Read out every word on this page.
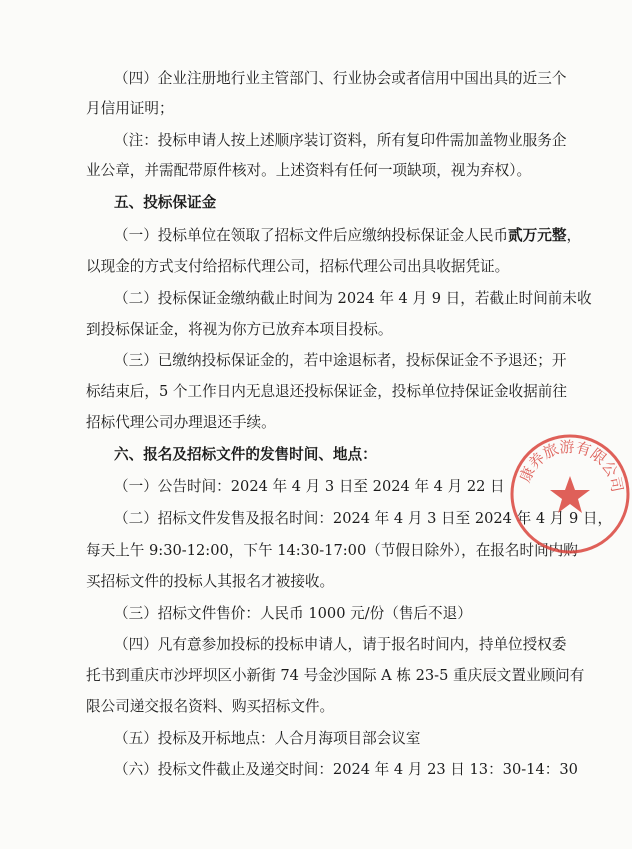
（四）企业注册地行业主管部门、行业协会或者信用中国出具的近三个
月信用证明；
（注：投标申请人按上述顺序装订资料，所有复印件需加盖物业服务企
业公章，并需配带原件核对。上述资料有任何一项缺项，视为弃权）。
五、投标保证金
（一）投标单位在领取了招标文件后应缴纳投标保证金人民币贰万元整，
以现金的方式支付给招标代理公司，招标代理公司出具收据凭证。
（二）投标保证金缴纳截止时间为 2024 年 4 月 9 日，若截止时间前未收
到投标保证金，将视为你方已放弃本项目投标。
（三）已缴纳投标保证金的，若中途退标者，投标保证金不予退还；开
标结束后，5 个工作日内无息退还投标保证金，投标单位持保证金收据前往
招标代理公司办理退还手续。
六、报名及招标文件的发售时间、地点：
（一）公告时间：2024 年 4 月 3 日至 2024 年 4 月 22 日
（二）招标文件发售及报名时间：2024 年 4 月 3 日至 2024 年 4 月 9 日，
每天上午 9:30-12:00，下午 14:30-17:00（节假日除外），在报名时间内购
买招标文件的投标人其报名才被接收。
（三）招标文件售价：人民币 1000 元/份（售后不退）
（四）凡有意参加投标的投标申请人，请于报名时间内，持单位授权委
托书到重庆市沙坪坝区小新街 74 号金沙国际 A 栋 23-5 重庆辰文置业顾问有
限公司递交报名资料、购买招标文件。
（五）投标及开标地点：人合月海项目部会议室
（六）投标文件截止及递交时间：2024 年 4 月 23 日 13：30-14：30
康养旅游有限公司
